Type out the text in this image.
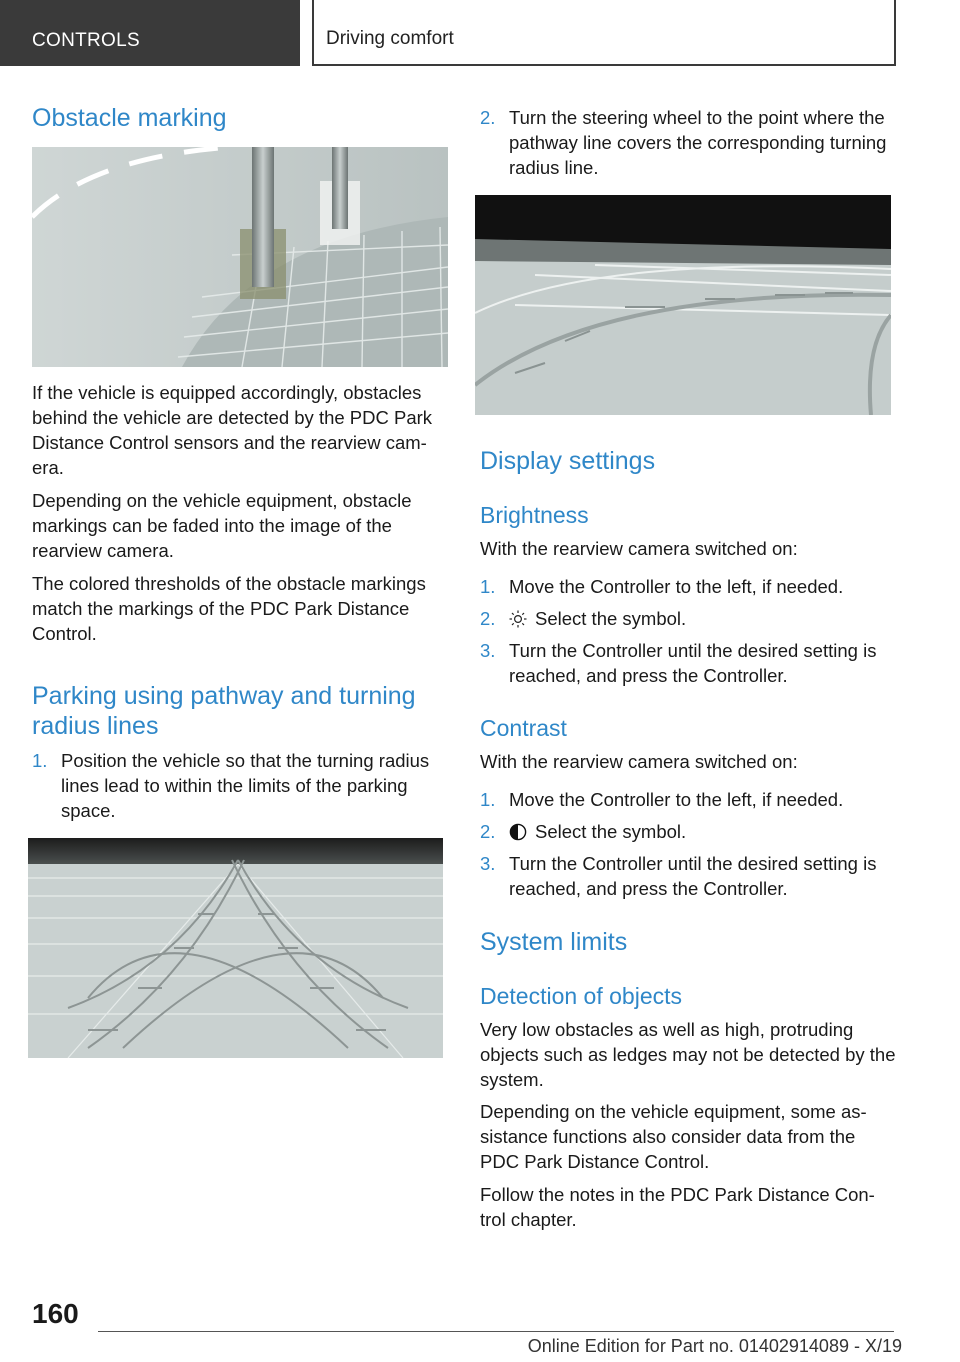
CONTROLS	Driving comfort
Obstacle marking

If the vehicle is equipped accordingly, obstacles behind the vehicle are detected by the PDC Park Distance Control sensors and the rearview cam-era.

Depending on the vehicle equipment, obstacle markings can be faded into the image of the rearview camera.

The colored thresholds of the obstacle markings match the markings of the PDC Park Distance Control.

Parking using pathway and turning radius lines
1. Position the vehicle so that the turning radius lines lead to within the limits of the parking space.
2. Turn the steering wheel to the point where the pathway line covers the corresponding turning radius line.
Display settings
Brightness

With the rearview camera switched on:

1. Move the Controller to the left, if needed.
2.	Select the symbol.
3. Turn the Controller until the desired setting is reached, and press the Controller.
Contrast

With the rearview camera switched on:

1. Move the Controller to the left, if needed.
2.	Select the symbol.
3. Turn the Controller until the desired setting is reached, and press the Controller.
System limits
Detection of objects

Very low obstacles as well as high, protruding objects such as ledges may not be detected by the system.

Depending on the vehicle equipment, some as-sistance functions also consider data from the PDC Park Distance Control.

Follow the notes in the PDC Park Distance Con-trol chapter.

160
Online Edition for Part no. 01402914089 - X/19
